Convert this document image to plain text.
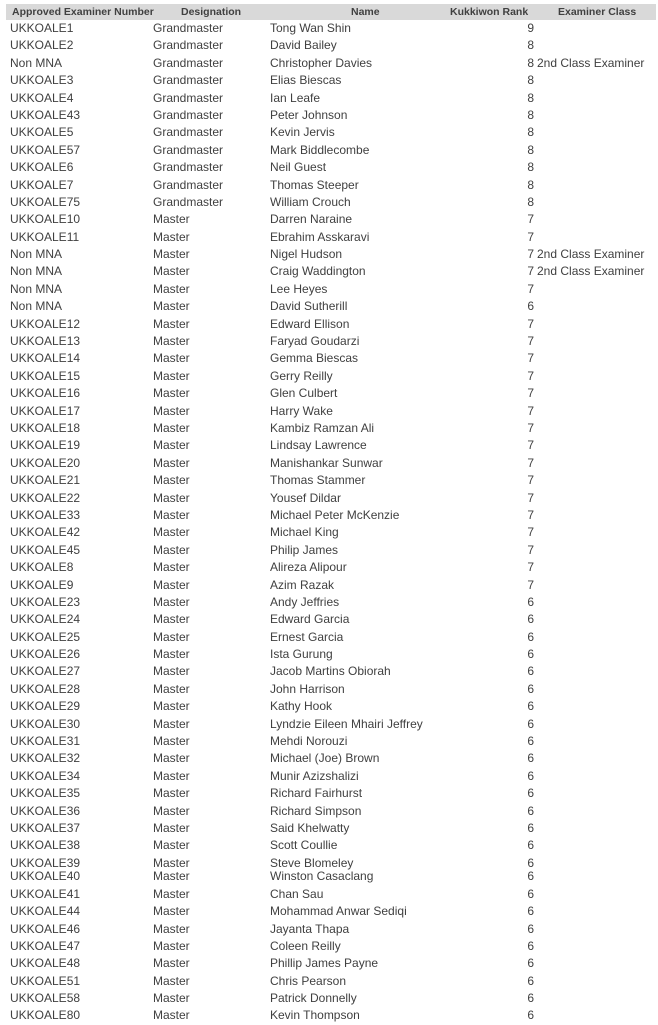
Approved Examiner Number	Designation	Name	Kukkiwon Rank	Examiner Class
UKKOALE1	Grandmaster	Tong Wan Shin	9
UKKOALE2	Grandmaster	David Bailey	8
Non MNA	Grandmaster	Christopher Davies	8 2nd Class Examiner
UKKOALE3	Grandmaster	Elias Biescas	8
UKKOALE4	Grandmaster	Ian Leafe	8
UKKOALE43	Grandmaster	Peter Johnson	8
UKKOALE5	Grandmaster	Kevin Jervis	8
UKKOALE57	Grandmaster	Mark Biddlecombe	8
UKKOALE6	Grandmaster	Neil Guest	8
UKKOALE7	Grandmaster	Thomas Steeper	8
UKKOALE75	Grandmaster	William Crouch	8
UKKOALE10	Master	Darren Naraine	7
UKKOALE11	Master	Ebrahim Asskaravi	7
Non MNA	Master	Nigel Hudson	7 2nd Class Examiner
Non MNA	Master	Craig Waddington	7 2nd Class Examiner
Non MNA	Master	Lee Heyes	7
Non MNA	Master	David Sutherill	6
UKKOALE12	Master	Edward Ellison	7
UKKOALE13	Master	Faryad Goudarzi	7
UKKOALE14	Master	Gemma Biescas	7
UKKOALE15	Master	Gerry Reilly	7
UKKOALE16	Master	Glen Culbert	7
UKKOALE17	Master	Harry Wake	7
UKKOALE18	Master	Kambiz Ramzan Ali	7
UKKOALE19	Master	Lindsay Lawrence	7
UKKOALE20	Master	Manishankar Sunwar	7
UKKOALE21	Master	Thomas Stammer	7
UKKOALE22	Master	Yousef Dildar	7
UKKOALE33	Master	Michael Peter McKenzie	7
UKKOALE42	Master	Michael King	7
UKKOALE45	Master	Philip James	7
UKKOALE8	Master	Alireza Alipour	7
UKKOALE9	Master	Azim Razak	7
UKKOALE23	Master	Andy Jeffries	6
UKKOALE24	Master	Edward Garcia	6
UKKOALE25	Master	Ernest Garcia	6
UKKOALE26	Master	Ista Gurung	6
UKKOALE27	Master	Jacob Martins Obiorah	6
UKKOALE28	Master	John Harrison	6
UKKOALE29	Master	Kathy Hook	6
UKKOALE30	Master	Lyndzie Eileen Mhairi Jeffrey	6
UKKOALE31	Master	Mehdi Norouzi	6
UKKOALE32	Master	Michael (Joe) Brown	6
UKKOALE34	Master	Munir Azizshalizi	6
UKKOALE35	Master	Richard Fairhurst	6
UKKOALE36	Master	Richard Simpson	6
UKKOALE37	Master	Said Khelwatty	6
UKKOALE38	Master	Scott Coullie	6
UKKOALE39	Master	Steve Blomeley	6
UKKOALE40	Master	Winston Casaclang	6
UKKOALE41	Master	Chan Sau	6
UKKOALE44	Master	Mohammad Anwar Sediqi	6
UKKOALE46	Master	Jayanta Thapa	6
UKKOALE47	Master	Coleen Reilly	6
UKKOALE48	Master	Phillip James Payne	6
UKKOALE51	Master	Chris Pearson	6
UKKOALE58	Master	Patrick Donnelly	6
UKKOALE80	Master	Kevin Thompson	6
